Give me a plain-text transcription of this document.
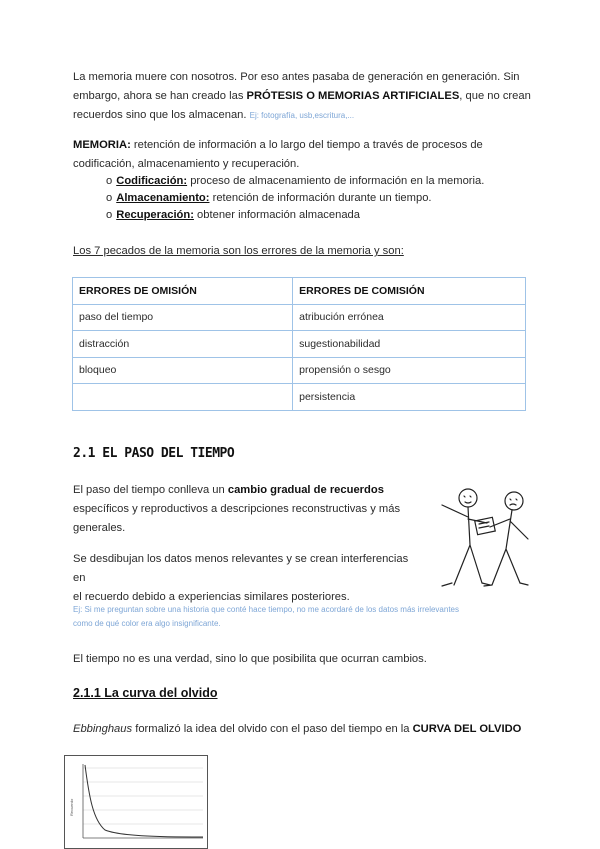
La memoria muere con nosotros. Por eso antes pasaba de generación en generación. Sin
embargo, ahora se han creado las PRÓTESIS O MEMORIAS ARTIFICIALES, que no crean
recuerdos sino que los almacenan. Ej: fotografía, usb,escritura,...
MEMORIA: retención de información a lo largo del tiempo a través de procesos de
codificación, almacenamiento y recuperación.
o Codificación: proceso de almacenamiento de información en la memoria.
o Almacenamiento: retención de información durante un tiempo.
o Recuperación: obtener información almacenada
Los 7 pecados de la memoria son los errores de la memoria y son:
ERRORES DE OMISIÓN	ERRORES DE COMISIÓN
paso del tiempo	atribución errónea
distracción	sugestionabilidad
bloqueo	propensión o sesgo
	persistencia
2.1 EL PASO DEL TIEMPO
El paso del tiempo conlleva un cambio gradual de recuerdos
específicos y reproductivos a descripciones reconstructivas y más
generales.
Se desdibujan los datos menos relevantes y se crean interferencias en
el recuerdo debido a experiencias similares posteriores.
Ej: Si me preguntan sobre una historia que conté hace tiempo, no me acordaré de los datos más irrelevantes
como de qué color era algo insignificante.
El tiempo no es una verdad, sino lo que posibilita que ocurran cambios.
2.1.1 La curva del olvido
Ebbinghaus formalizó la idea del olvido con el paso del tiempo en la CURVA DEL OLVIDO
Recuerdo
